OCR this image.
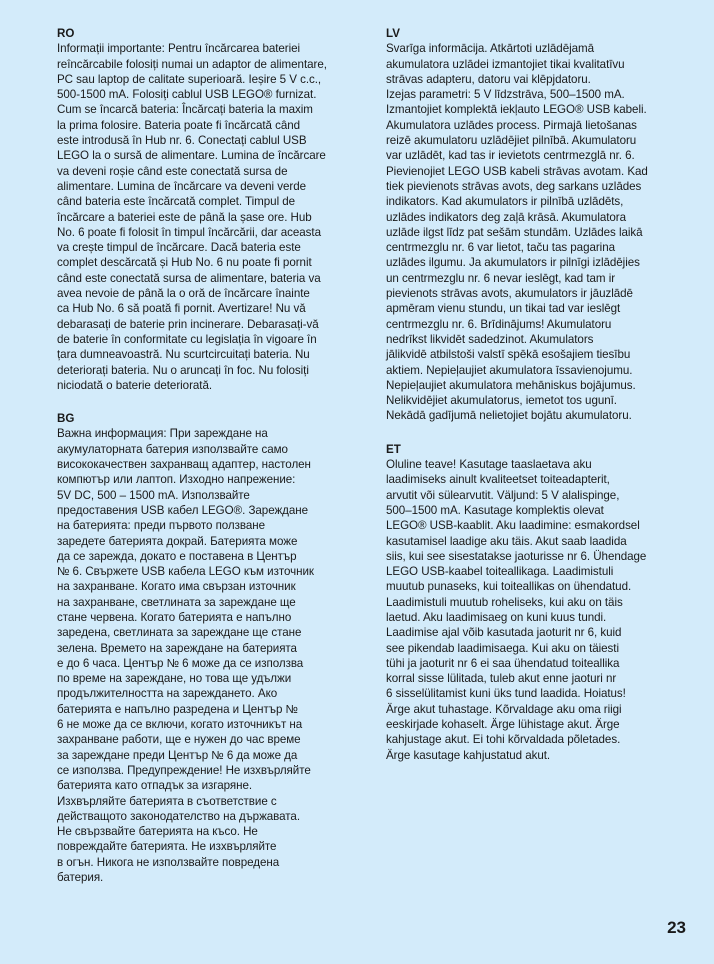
RO
Informații importante: Pentru încărcarea bateriei
reîncărcabile folosiți numai un adaptor de alimentare,
PC sau laptop de calitate superioară. Ieșire 5 V c.c.,
500-1500 mA. Folosiți cablul USB LEGO® furnizat.
Cum se încarcă bateria: Încărcați bateria la maxim
la prima folosire. Bateria poate fi încărcată când
este introdusă în Hub nr. 6. Conectați cablul USB
LEGO la o sursă de alimentare. Lumina de încărcare
va deveni roșie când este conectată sursa de
alimentare. Lumina de încărcare va deveni verde
când bateria este încărcată complet. Timpul de
încărcare a bateriei este de până la șase ore. Hub
No. 6 poate fi folosit în timpul încărcării, dar aceasta
va crește timpul de încărcare. Dacă bateria este
complet descărcată și Hub No. 6 nu poate fi pornit
când este conectată sursa de alimentare, bateria va
avea nevoie de până la o oră de încărcare înainte
ca Hub No. 6 să poată fi pornit. Avertizare! Nu vă
debarasați de baterie prin incinerare. Debarasați-vă
de baterie în conformitate cu legislația în vigoare în
țara dumneavoastră. Nu scurtcircuitați bateria. Nu
deteriorați bateria. Nu o aruncați în foc. Nu folosiți
niciodată o baterie deteriorată.
BG
Важна информация: При зареждане на
акумулаторната батерия използвайте само
висококачествен захранващ адаптер, настолен
компютър или лаптоп. Изходно напрежение:
5V DC, 500 – 1500 mA. Използвайте
предоставения USB кабел LEGO®. Зареждане
на батерията: преди първото ползване
заредете батерията докрай. Батерията може
да се зарежда, докато е поставена в Център
№ 6. Свържете USB кабела LEGO към източник
на захранване. Когато има свързан източник
на захранване, светлината за зареждане ще
стане червена. Когато батерията е напълно
заредена, светлината за зареждане ще стане
зелена. Времето на зареждане на батерията
е до 6 часа. Център № 6 може да се използва
по време на зареждане, но това ще удължи
продължителността на зареждането. Ако
батерията е напълно разредена и Център №
6 не може да се включи, когато източникът на
захранване работи, ще е нужен до час време
за зареждане преди Център № 6 да може да
се използва. Предупреждение! Не изхвърляйте
батерията като отпадък за изгаряне.
Изхвърляйте батерията в съответствие с
действащото законодателство на държавата.
Не свързвайте батерията на късо. Не
повреждайте батерията. Не изхвърляйте
в огън. Никога не използвайте повредена
батерия.
LV
Svarīga informācija. Atkārtoti uzlādējamā
akumulatora uzlādei izmantojiet tikai kvalitatīvu
strāvas adapteru, datoru vai klēpjdatoru.
Izejas parametri: 5 V līdzstrāva, 500–1500 mA.
Izmantojiet komplektā iekļauto LEGO® USB kabeli.
Akumulatora uzlādes process. Pirmajā lietošanas
reizē akumulatoru uzlādējiet pilnībā. Akumulatoru
var uzlādēt, kad tas ir ievietots centrmezglā nr. 6.
Pievienojiet LEGO USB kabeli strāvas avotam. Kad
tiek pievienots strāvas avots, deg sarkans uzlādes
indikators. Kad akumulators ir pilnībā uzlādēts,
uzlādes indikators deg zaļā krāsā. Akumulatora
uzlāde ilgst līdz pat sešām stundām. Uzlādes laikā
centrmezglu nr. 6 var lietot, taču tas pagarina
uzlādes ilgumu. Ja akumulators ir pilnīgi izlādējies
un centrmezglu nr. 6 nevar ieslēgt, kad tam ir
pievienots strāvas avots, akumulators ir jāuzlādē
apmēram vienu stundu, un tikai tad var ieslēgt
centrmezglu nr. 6. Brīdinājums! Akumulatoru
nedrīkst likvidēt sadedzinot. Akumulators
jālikvidē atbilstoši valstī spēkā esošajiem tiesību
aktiem. Nepieļaujiet akumulatora īssavienojumu.
Nepieļaujiet akumulatora mehāniskus bojājumus.
Nelikvidējiet akumulatorus, iemetot tos ugunī.
Nekādā gadījumā nelietojiet bojātu akumulatoru.
ET
Oluline teave! Kasutage taaslaetava aku
laadimiseks ainult kvaliteetset toiteadapterit,
arvutit või sülearvutit. Väljund: 5 V alalispinge,
500–1500 mA. Kasutage komplektis olevat
LEGO® USB-kaablit. Aku laadimine: esmakordsel
kasutamisel laadige aku täis. Akut saab laadida
siis, kui see sisestatakse jaoturisse nr 6. Ühendage
LEGO USB-kaabel toiteallikaga. Laadimistuli
muutub punaseks, kui toiteallikas on ühendatud.
Laadimistuli muutub roheliseks, kui aku on täis
laetud. Aku laadimisaeg on kuni kuus tundi.
Laadimise ajal võib kasutada jaoturit nr 6, kuid
see pikendab laadimisaega. Kui aku on täiesti
tühi ja jaoturit nr 6 ei saa ühendatud toiteallika
korral sisse lülitada, tuleb akut enne jaoturi nr
6 sisselülitamist kuni üks tund laadida. Hoiatus!
Ärge akut tuhastage. Kõrvaldage aku oma riigi
eeskirjade kohaselt. Ärge lühistage akut. Ärge
kahjustage akut. Ei tohi kõrvaldada põletades.
Ärge kasutage kahjustatud akut.
23
